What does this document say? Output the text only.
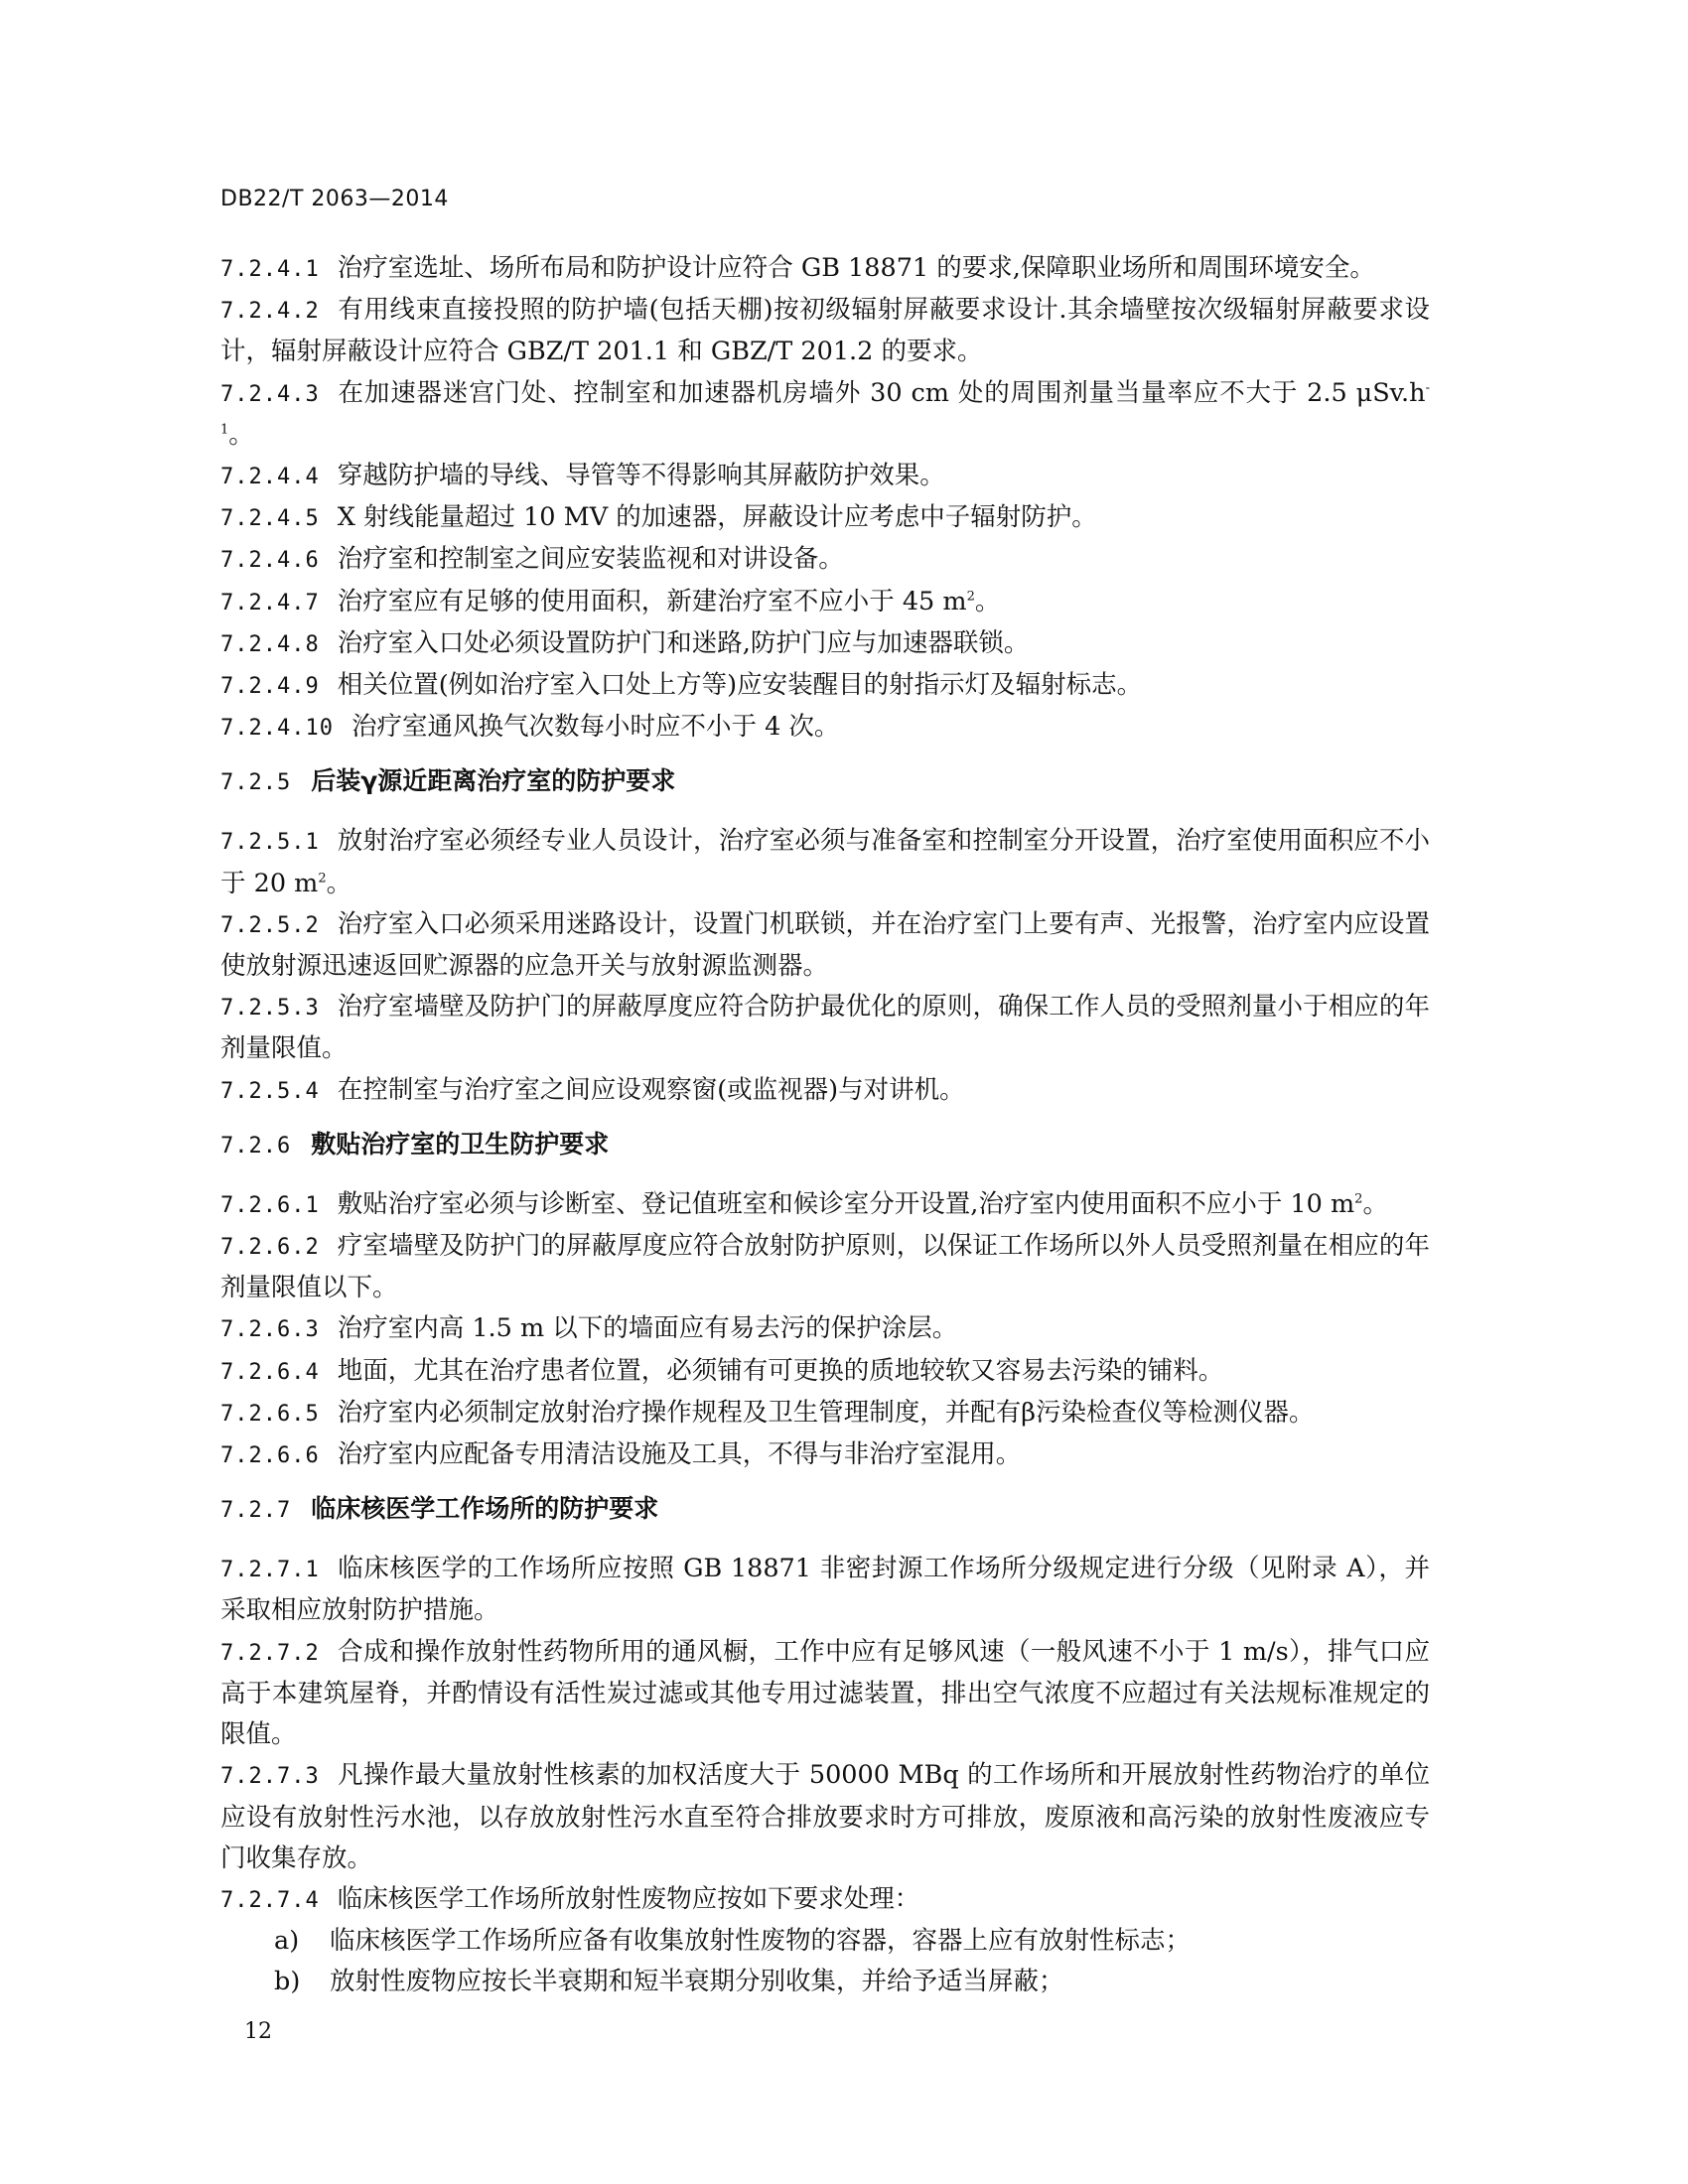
DB22/T 2063—2014
7.2.4.1 治疗室选址、场所布局和防护设计应符合 GB 18871 的要求,保障职业场所和周围环境安全。
7.2.4.2 有用线束直接投照的防护墙(包括天棚)按初级辐射屏蔽要求设计.其余墙壁按次级辐射屏蔽要求设计，辐射屏蔽设计应符合 GBZ/T 201.1 和 GBZ/T 201.2 的要求。
7.2.4.3 在加速器迷宫门处、控制室和加速器机房墙外 30 cm 处的周围剂量当量率应不大于 2.5 $\mu Sv.h^{-1}$。
7.2.4.4 穿越防护墙的导线、导管等不得影响其屏蔽防护效果。
7.2.4.5 X 射线能量超过 10 MV 的加速器，屏蔽设计应考虑中子辐射防护。
7.2.4.6 治疗室和控制室之间应安装监视和对讲设备。
7.2.4.7 治疗室应有足够的使用面积，新建治疗室不应小于 45 $m^2$。
7.2.4.8 治疗室入口处必须设置防护门和迷路,防护门应与加速器联锁。
7.2.4.9 相关位置(例如治疗室入口处上方等)应安装醒目的射指示灯及辐射标志。
7.2.4.10 治疗室通风换气次数每小时应不小于 4 次。
7.2.5 后装γ源近距离治疗室的防护要求
7.2.5.1 放射治疗室必须经专业人员设计，治疗室必须与准备室和控制室分开设置，治疗室使用面积应不小于 20 $m^2$。
7.2.5.2 治疗室入口必须采用迷路设计，设置门机联锁，并在治疗室门上要有声、光报警，治疗室内应设置使放射源迅速返回贮源器的应急开关与放射源监测器。
7.2.5.3 治疗室墙壁及防护门的屏蔽厚度应符合防护最优化的原则，确保工作人员的受照剂量小于相应的年剂量限值。
7.2.5.4 在控制室与治疗室之间应设观察窗(或监视器)与对讲机。
7.2.6 敷贴治疗室的卫生防护要求
7.2.6.1 敷贴治疗室必须与诊断室、登记值班室和候诊室分开设置,治疗室内使用面积不应小于 10 $m^2$。
7.2.6.2 疗室墙壁及防护门的屏蔽厚度应符合放射防护原则，以保证工作场所以外人员受照剂量在相应的年剂量限值以下。
7.2.6.3 治疗室内高 1.5 m 以下的墙面应有易去污的保护涂层。
7.2.6.4 地面，尤其在治疗患者位置，必须铺有可更换的质地较软又容易去污染的铺料。
7.2.6.5 治疗室内必须制定放射治疗操作规程及卫生管理制度，并配有β污染检查仪等检测仪器。
7.2.6.6 治疗室内应配备专用清洁设施及工具，不得与非治疗室混用。
7.2.7 临床核医学工作场所的防护要求
7.2.7.1 临床核医学的工作场所应按照 GB 18871 非密封源工作场所分级规定进行分级（见附录 A），并采取相应放射防护措施。
7.2.7.2 合成和操作放射性药物所用的通风橱，工作中应有足够风速（一般风速不小于 1 m/s），排气口应高于本建筑屋脊，并酌情设有活性炭过滤或其他专用过滤装置，排出空气浓度不应超过有关法规标准规定的限值。
7.2.7.3 凡操作最大量放射性核素的加权活度大于 50000 MBq 的工作场所和开展放射性药物治疗的单位应设有放射性污水池，以存放放射性污水直至符合排放要求时方可排放，废原液和高污染的放射性废液应专门收集存放。
7.2.7.4 临床核医学工作场所放射性废物应按如下要求处理：
a) 临床核医学工作场所应备有收集放射性废物的容器，容器上应有放射性标志；
b) 放射性废物应按长半衰期和短半衰期分别收集，并给予适当屏蔽；
12
